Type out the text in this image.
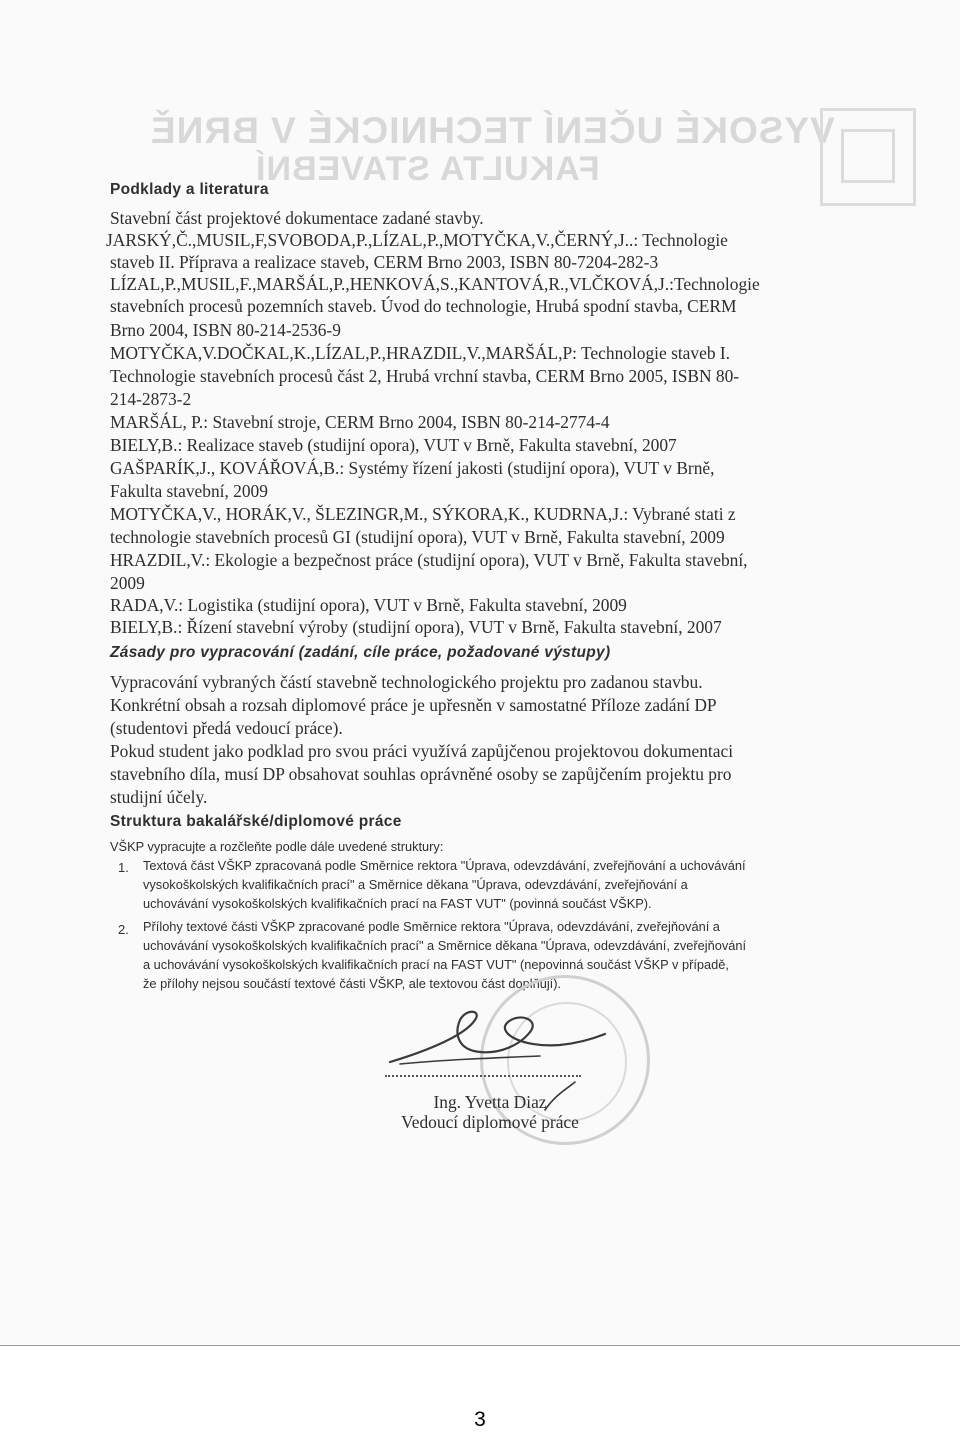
VYSOKÉ UČENÍ TECHNICKÉ V BRNĚ
FAKULTA STAVEBNÍ
Podklady a literatura
Stavební část projektové dokumentace zadané stavby.
JARSKÝ,Č.,MUSIL,F,SVOBODA,P.,LÍZAL,P.,MOTYČKA,V.,ČERNÝ,J..: Technologie
staveb II. Příprava a realizace staveb, CERM Brno 2003, ISBN 80-7204-282-3
LÍZAL,P.,MUSIL,F.,MARŠÁL,P.,HENKOVÁ,S.,KANTOVÁ,R.,VLČKOVÁ,J.:Technologie
stavebních procesů pozemních staveb. Úvod do technologie, Hrubá spodní stavba, CERM
Brno 2004, ISBN 80-214-2536-9
MOTYČKA,V.DOČKAL,K.,LÍZAL,P.,HRAZDIL,V.,MARŠÁL,P: Technologie staveb I.
Technologie stavebních procesů část 2, Hrubá vrchní stavba, CERM Brno 2005, ISBN 80-
214-2873-2
MARŠÁL, P.: Stavební stroje, CERM Brno 2004, ISBN 80-214-2774-4
BIELY,B.: Realizace staveb (studijní opora), VUT v Brně, Fakulta stavební, 2007
GAŠPARÍK,J., KOVÁŘOVÁ,B.: Systémy řízení jakosti (studijní opora), VUT v Brně,
Fakulta stavební, 2009
MOTYČKA,V., HORÁK,V., ŠLEZINGR,M., SÝKORA,K., KUDRNA,J.: Vybrané stati z
technologie stavebních procesů GI (studijní opora), VUT v Brně, Fakulta stavební, 2009
HRAZDIL,V.: Ekologie a bezpečnost práce (studijní opora), VUT v Brně, Fakulta stavební,
2009
RADA,V.: Logistika (studijní opora), VUT v Brně, Fakulta stavební, 2009
BIELY,B.: Řízení stavební výroby (studijní opora), VUT v Brně, Fakulta stavební, 2007
Zásady pro vypracování (zadání, cíle práce, požadované výstupy)
Vypracování vybraných částí stavebně technologického projektu pro zadanou stavbu.
Konkrétní obsah a rozsah diplomové práce je upřesněn v samostatné Příloze zadání DP
(studentovi předá vedoucí práce).
Pokud student jako podklad pro svou práci využívá zapůjčenou projektovou dokumentaci
stavebního díla, musí DP obsahovat souhlas oprávněné osoby se zapůjčením projektu pro
studijní účely.
Struktura bakalářské/diplomové práce
VŠKP vypracujte a rozčleňte podle dále uvedené struktury:
1. Textová část VŠKP zpracovaná podle Směrnice rektora "Úprava, odevzdávání, zveřejňování a uchovávání
vysokoškolských kvalifikačních prací" a Směrnice děkana "Úprava, odevzdávání, zveřejňování a
uchovávání vysokoškolských kvalifikačních prací na FAST VUT" (povinná součást VŠKP).
2. Přílohy textové části VŠKP zpracované podle Směrnice rektora "Úprava, odevzdávání, zveřejňování a
uchovávání vysokoškolských kvalifikačních prací" a Směrnice děkana "Úprava, odevzdávání, zveřejňování
a uchovávání vysokoškolských kvalifikačních prací na FAST VUT" (nepovinná součást VŠKP v případě,
že přílohy nejsou součástí textové části VŠKP, ale textovou část doplňují).
Ing. Yvetta Diaz
Vedoucí diplomové práce
3
